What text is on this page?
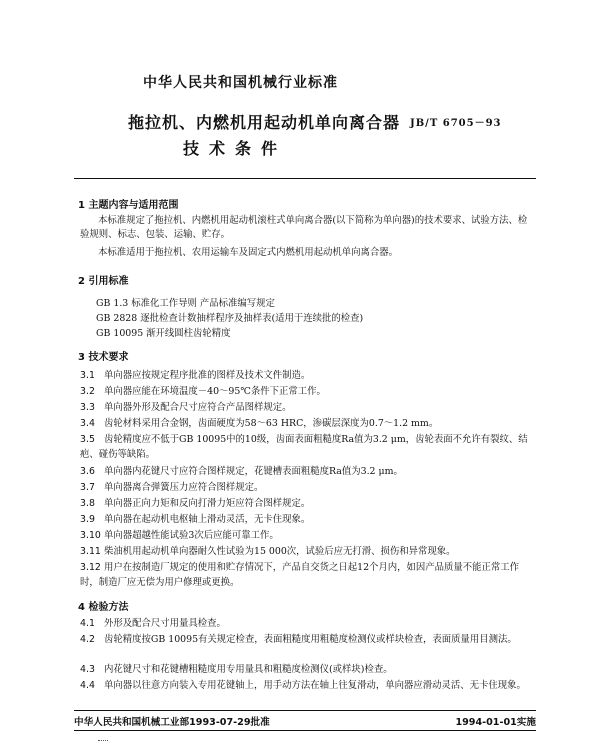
中华人民共和国机械行业标准
拖拉机、内燃机用起动机单向离合器
技术条件
JB/T 6705－93
1 主题内容与适用范围
本标准规定了拖拉机、内燃机用起动机滚柱式单向离合器(以下简称为单向器)的技术要求、试验方法、检验规则、标志、包装、运输、贮存。
本标准适用于拖拉机、农用运输车及固定式内燃机用起动机单向离合器。
2 引用标准
GB 1.3 标准化工作导则 产品标准编写规定
GB 2828 逐批检查计数抽样程序及抽样表(适用于连续批的检查)
GB 10095 渐开线圆柱齿轮精度
3 技术要求
3.1 单向器应按规定程序批准的图样及技术文件制造。
3.2 单向器应能在环境温度－40～95℃条件下正常工作。
3.3 单向器外形及配合尺寸应符合产品图样规定。
3.4 齿轮材料采用合金钢，齿面硬度为58～63 HRC，渗碳层深度为0.7～1.2 mm。
3.5 齿轮精度应不低于GB 10095中的10级，齿面表面粗糙度Ra值为3.2 μm，齿轮表面不允许有裂纹、结疤、碰伤等缺陷。
3.6 单向器内花键尺寸应符合图样规定，花键槽表面粗糙度Ra值为3.2 μm。
3.7 单向器离合弹簧压力应符合图样规定。
3.8 单向器正向力矩和反向打滑力矩应符合图样规定。
3.9 单向器在起动机电枢轴上滑动灵活，无卡住现象。
3.10 单向器超越性能试验3次后应能可靠工作。
3.11 柴油机用起动机单向器耐久性试验为15 000次，试验后应无打滑、损伤和异常现象。
3.12 用户在按制造厂规定的使用和贮存情况下，产品自交货之日起12个月内，如因产品质量不能正常工作时，制造厂应无偿为用户修理或更换。
4 检验方法
4.1 外形及配合尺寸用量具检查。
4.2 齿轮精度按GB 10095有关规定检查，表面粗糙度用粗糙度检测仪或样块检查，表面质量用目测法。
4.3 内花键尺寸和花键槽粗糙度用专用量具和粗糙度检测仪(或样块)检查。
4.4 单向器以往意方向装入专用花键轴上，用手动方法在轴上往复滑动，单向器应滑动灵活、无卡住现象。
中华人民共和国机械工业部1993-07-29批准	1994-01-01实施
